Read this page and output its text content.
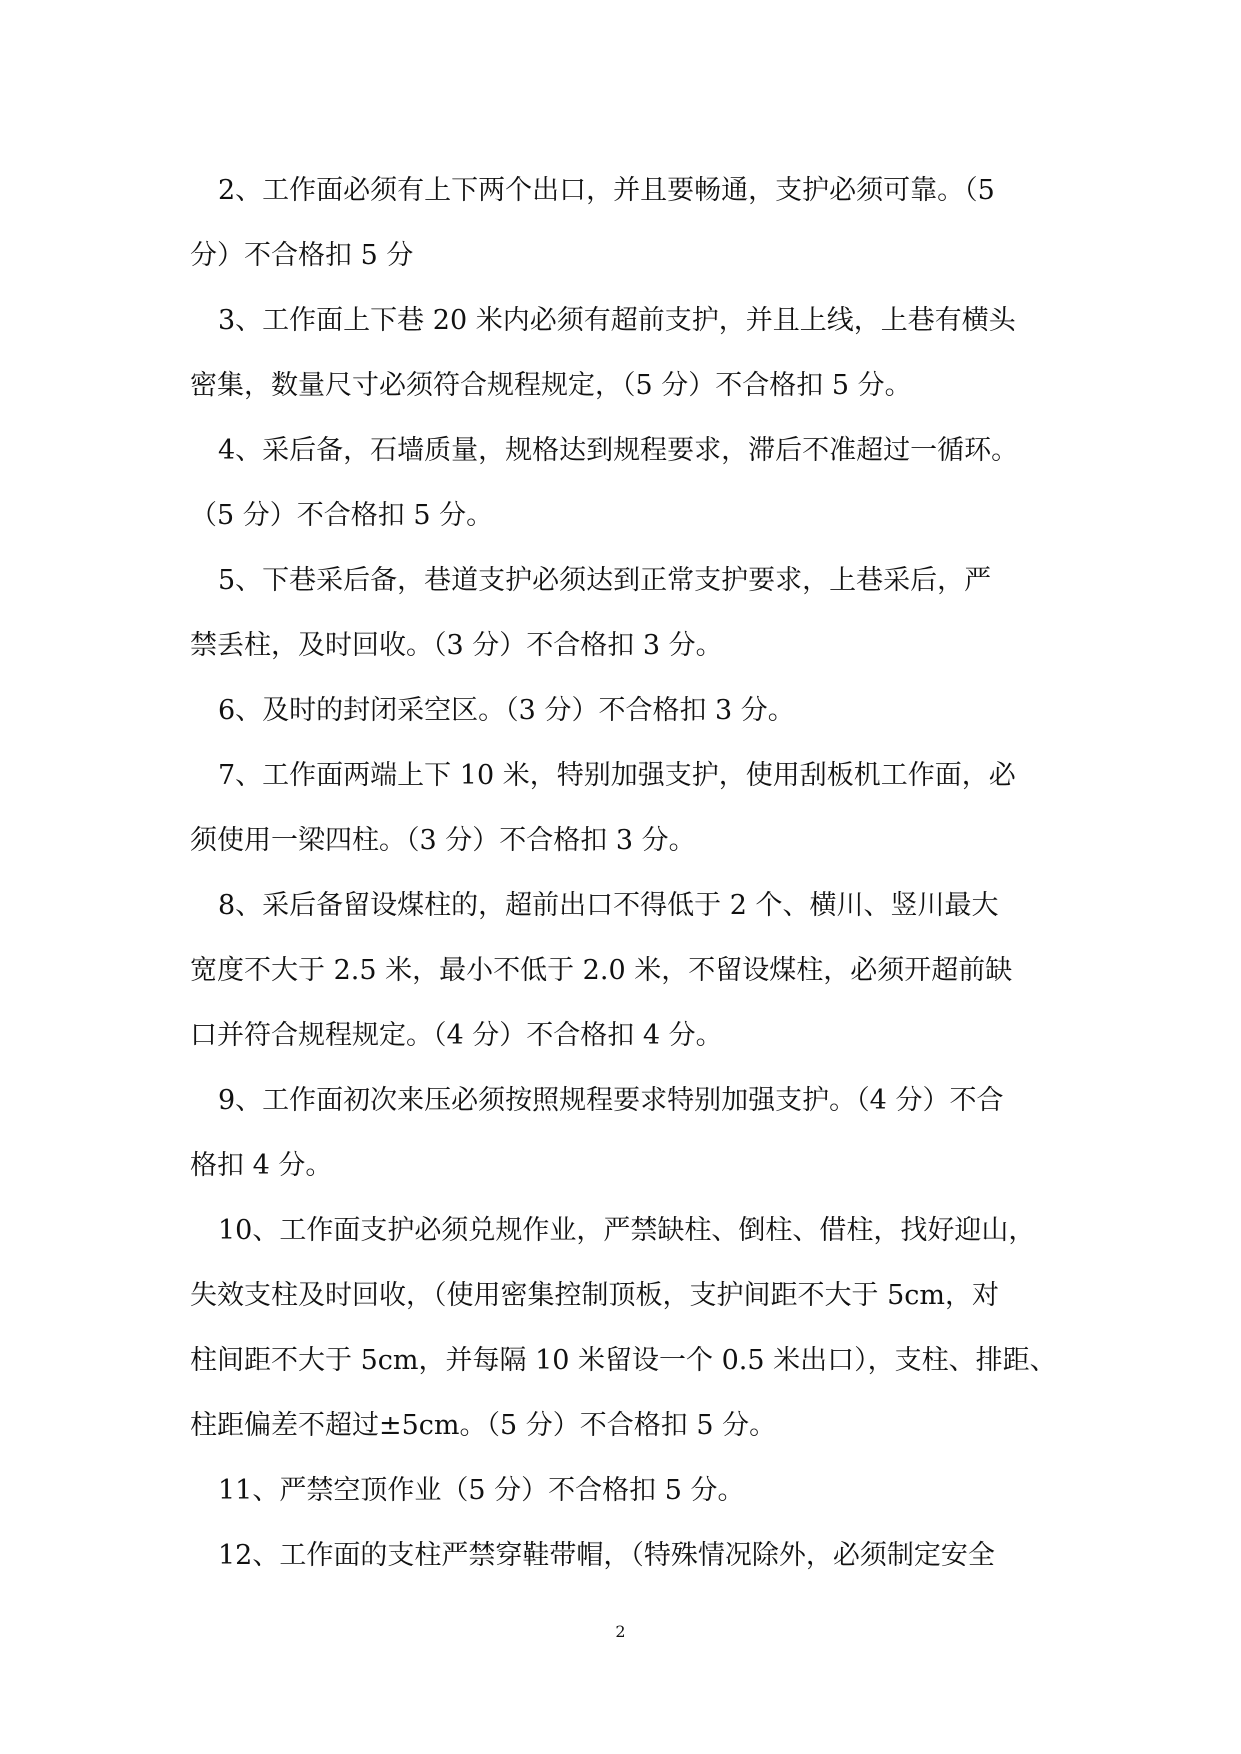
2、工作面必须有上下两个出口，并且要畅通，支护必须可靠。（5
分）不合格扣 5 分
3、工作面上下巷 20 米内必须有超前支护，并且上线，上巷有横头
密集，数量尺寸必须符合规程规定，（5 分）不合格扣 5 分。
4、采后备，石墙质量，规格达到规程要求，滞后不准超过一循环。
（5 分）不合格扣 5 分。
5、下巷采后备，巷道支护必须达到正常支护要求，上巷采后，严
禁丢柱，及时回收。（3 分）不合格扣 3 分。
6、及时的封闭采空区。（3 分）不合格扣 3 分。
7、工作面两端上下 10 米，特别加强支护，使用刮板机工作面，必
须使用一梁四柱。（3 分）不合格扣 3 分。
8、采后备留设煤柱的，超前出口不得低于 2 个、横川、竖川最大
宽度不大于 2.5 米，最小不低于 2.0 米，不留设煤柱，必须开超前缺
口并符合规程规定。（4 分）不合格扣 4 分。
9、工作面初次来压必须按照规程要求特别加强支护。（4 分）不合
格扣 4 分。
10、工作面支护必须兑规作业，严禁缺柱、倒柱、借柱，找好迎山，
失效支柱及时回收，（使用密集控制顶板，支护间距不大于 5cm，对
柱间距不大于 5cm，并每隔 10 米留设一个 0.5 米出口），支柱、排距、
柱距偏差不超过±5cm。（5 分）不合格扣 5 分。
11、严禁空顶作业（5 分）不合格扣 5 分。
12、工作面的支柱严禁穿鞋带帽，（特殊情况除外，必须制定安全
2
